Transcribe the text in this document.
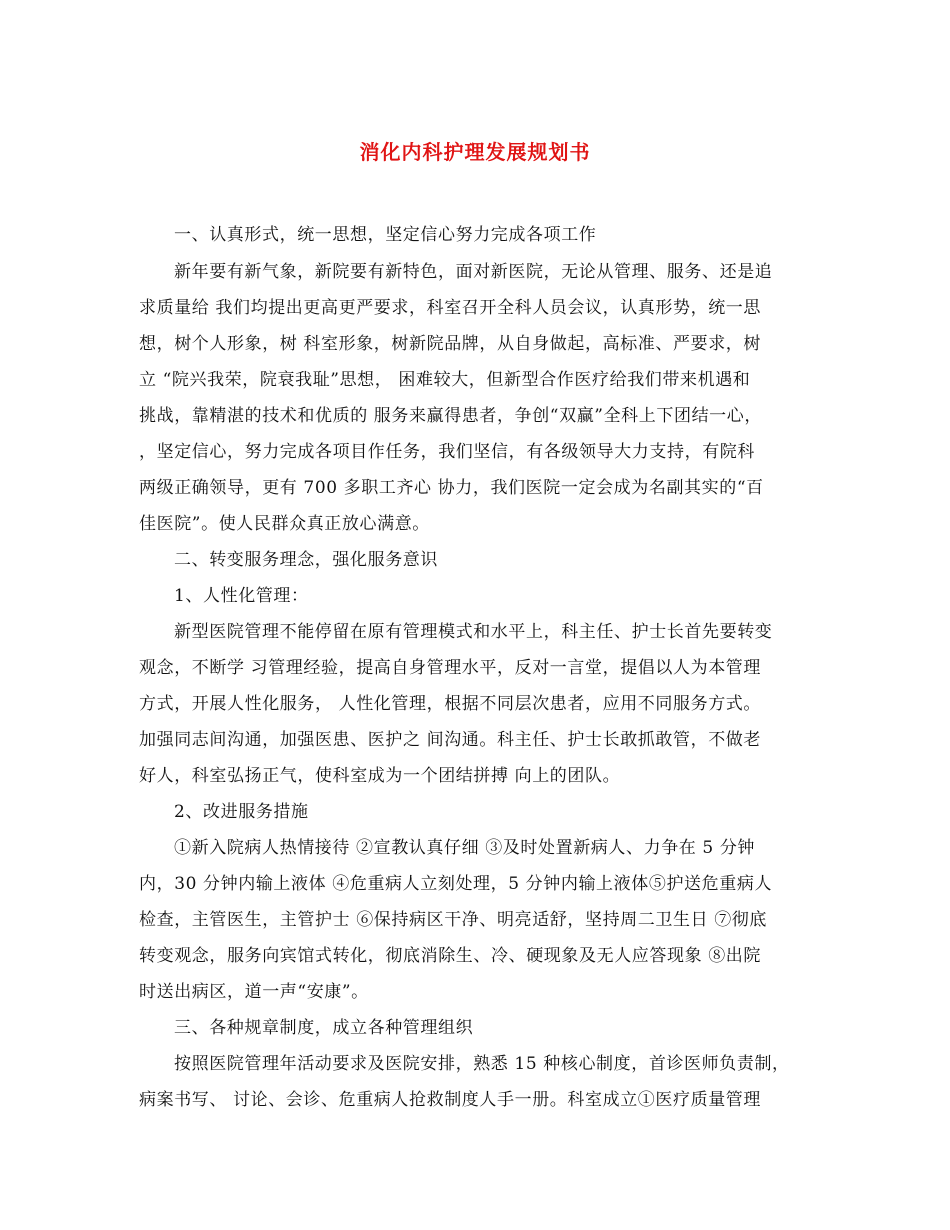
消化内科护理发展规划书
一、认真形式，统一思想，坚定信心努力完成各项工作
新年要有新气象，新院要有新特色，面对新医院，无论从管理、服务、还是追
求质量给 我们均提出更高更严要求，科室召开全科人员会议，认真形势，统一思
想，树个人形象，树 科室形象，树新院品牌，从自身做起，高标准、严要求，树
立 “院兴我荣，院衰我耻”思想， 困难较大，但新型合作医疗给我们带来机遇和
挑战，靠精湛的技术和优质的 服务来赢得患者，争创“双赢”全科上下团结一心，
，坚定信心，努力完成各项目作任务，我们坚信，有各级领导大力支持，有院科
两级正确领导，更有 700 多职工齐心 协力，我们医院一定会成为名副其实的“百
佳医院”。使人民群众真正放心满意。
二、转变服务理念，强化服务意识
1、人性化管理：
新型医院管理不能停留在原有管理模式和水平上，科主任、护士长首先要转变
观念，不断学 习管理经验，提高自身管理水平，反对一言堂，提倡以人为本管理
方式，开展人性化服务， 人性化管理，根据不同层次患者，应用不同服务方式。
加强同志间沟通，加强医患、医护之 间沟通。科主任、护士长敢抓敢管，不做老
好人，科室弘扬正气，使科室成为一个团结拼搏 向上的团队。
2、改进服务措施
①新入院病人热情接待 ②宣教认真仔细 ③及时处置新病人、力争在 5 分钟
内，30 分钟内输上液体 ④危重病人立刻处理，5 分钟内输上液体⑤护送危重病人
检查，主管医生，主管护士 ⑥保持病区干净、明亮适舒，坚持周二卫生日 ⑦彻底
转变观念，服务向宾馆式转化，彻底消除生、冷、硬现象及无人应答现象 ⑧出院
时送出病区，道一声“安康”。
三、各种规章制度，成立各种管理组织
按照医院管理年活动要求及医院安排，熟悉 15 种核心制度，首诊医师负责制，
病案书写、 讨论、会诊、危重病人抢救制度人手一册。科室成立①医疗质量管理
